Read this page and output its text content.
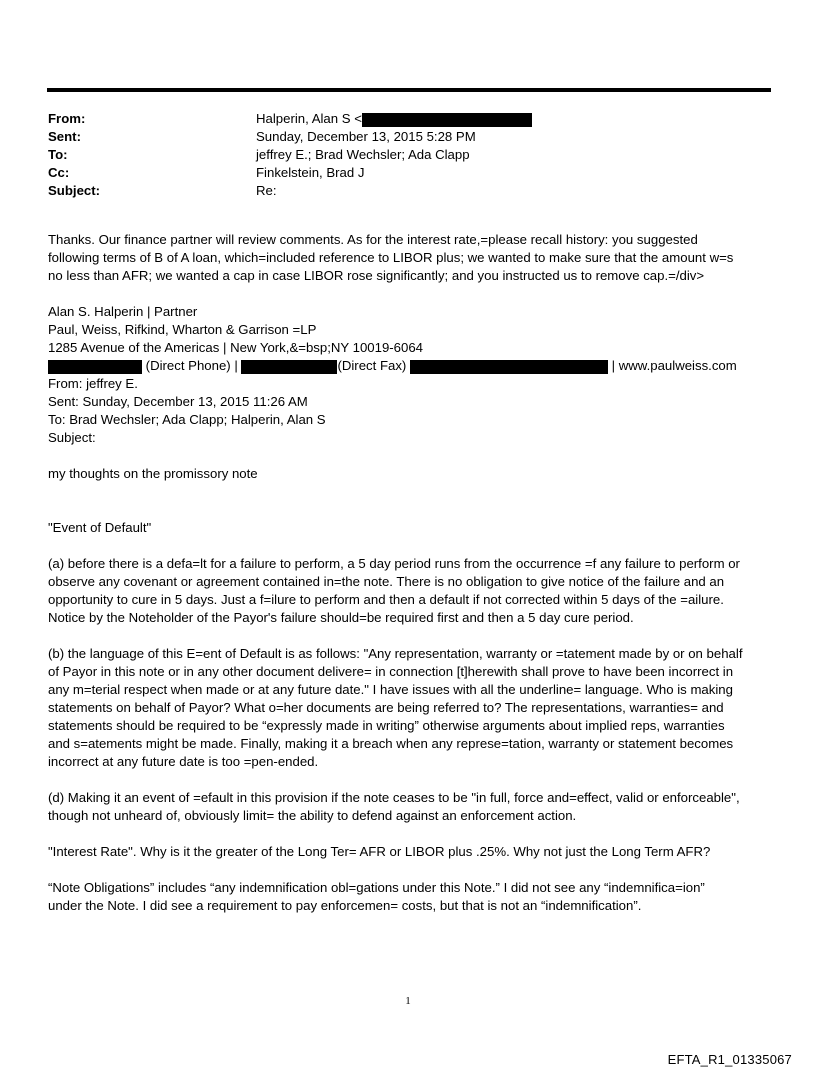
From:	Halperin, Alan S <
Sent:	Sunday, December 13, 2015 5:28 PM
To:	jeffrey E.; Brad Wechsler; Ada Clapp
Cc:	Finkelstein, Brad J
Subject:	Re:

Thanks. Our finance partner will review comments. As for the interest rate,=please recall history: you suggested
following terms of B of A loan, which=included reference to LIBOR plus; we wanted to make sure that the amount w=s
no less than AFR; we wanted a cap in case LIBOR rose significantly; and you instructed us to remove cap.=/div>

Alan S. Halperin | Partner
Paul, Weiss, Rifkind, Wharton & Garrison =LP
1285 Avenue of the Americas | New York,&=bsp;NY 10019-6064
(Direct Phone) |	(Direct Fax)	| www.paulweiss.com
From: jeffrey E.
Sent: Sunday, December 13, 2015 11:26 AM
To: Brad Wechsler; Ada Clapp; Halperin, Alan S
Subject:

my thoughts on the promissory note

"Event of Default"

(a) before there is a defa=lt for a failure to perform, a 5 day period runs from the occurrence =f any failure to perform or
observe any covenant or agreement contained in=the note. There is no obligation to give notice of the failure and an
opportunity to cure in 5 days. Just a f=ilure to perform and then a default if not corrected within 5 days of the =ailure.
Notice by the Noteholder of the Payor's failure should=be required first and then a 5 day cure period.

(b) the language of this E=ent of Default is as follows: "Any representation, warranty or =tatement made by or on behalf
of Payor in this note or in any other document delivere= in connection [t]herewith shall prove to have been incorrect in
any m=terial respect when made or at any future date." I have issues with all the underline= language. Who is making
statements on behalf of Payor? What o=her documents are being referred to? The representations, warranties= and
statements should be required to be “expressly made in writing” otherwise arguments about implied reps, warranties
and s=atements might be made. Finally, making it a breach when any represe=tation, warranty or statement becomes
incorrect at any future date is too =pen-ended.

(d) Making it an event of =efault in this provision if the note ceases to be "in full, force and=effect, valid or enforceable",
though not unheard of, obviously limit= the ability to defend against an enforcement action.

"Interest Rate". Why is it the greater of the Long Ter= AFR or LIBOR plus .25%. Why not just the Long Term AFR?

“Note Obligations” includes “any indemnification obl=gations under this Note.” I did not see any “indemnifica=ion”
under the Note. I did see a requirement to pay enforcemen= costs, but that is not an “indemnification”.

1
EFTA_R1_01335067
